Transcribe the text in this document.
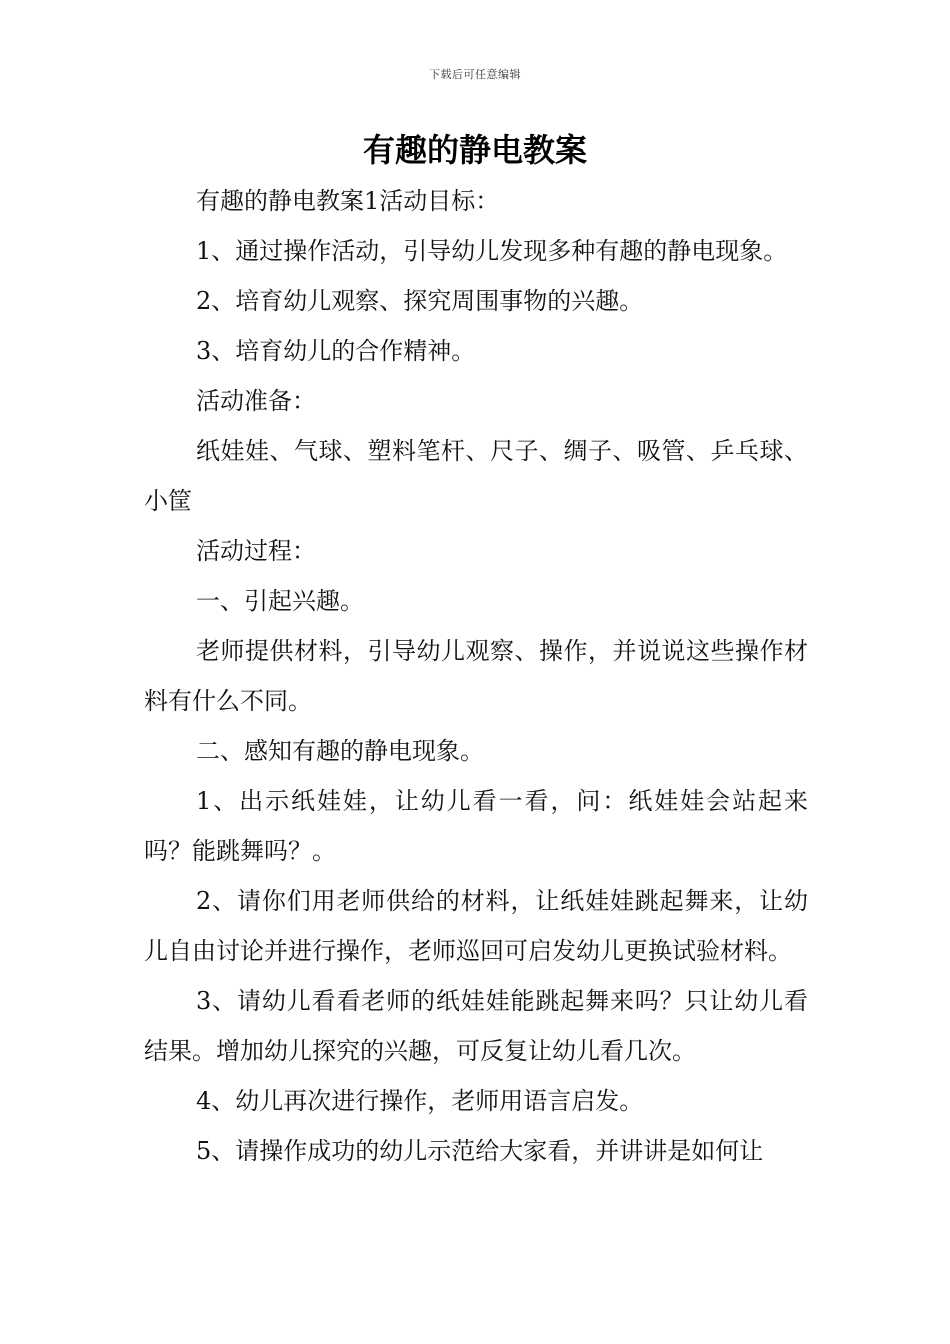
下载后可任意编辑
有趣的静电教案

有趣的静电教案1活动目标：

1、通过操作活动，引导幼儿发现多种有趣的静电现象。

2、培育幼儿观察、探究周围事物的兴趣。

3、培育幼儿的合作精神。

活动准备：

纸娃娃、气球、塑料笔杆、尺子、绸子、吸管、乒乓球、小筐

活动过程：

一、引起兴趣。

老师提供材料，引导幼儿观察、操作，并说说这些操作材料有什么不同。

二、感知有趣的静电现象。

1、出示纸娃娃，让幼儿看一看，问：纸娃娃会站起来吗？能跳舞吗？。

2、请你们用老师供给的材料，让纸娃娃跳起舞来，让幼儿自由讨论并进行操作，老师巡回可启发幼儿更换试验材料。

3、请幼儿看看老师的纸娃娃能跳起舞来吗？只让幼儿看结果。增加幼儿探究的兴趣，可反复让幼儿看几次。

4、幼儿再次进行操作，老师用语言启发。

5、请操作成功的幼儿示范给大家看，并讲讲是如何让
